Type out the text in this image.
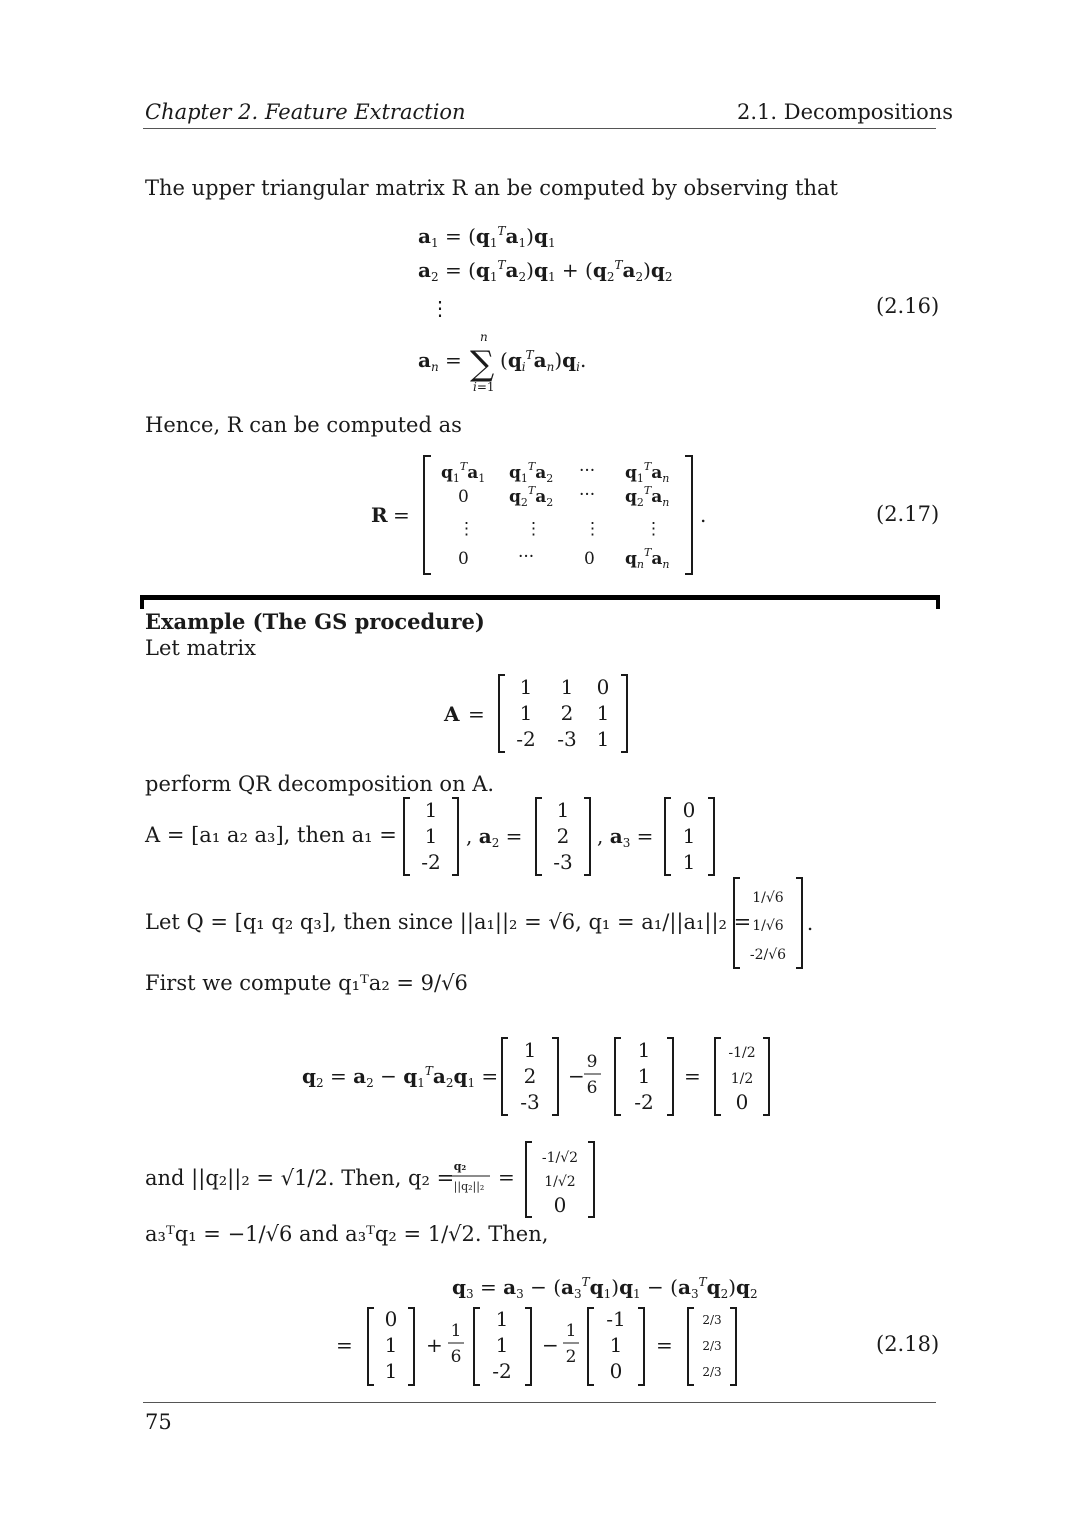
Chapter 2. Feature Extraction	2.1. Decompositions
The upper triangular matrix R an be computed by observing that
$a_1 = (q_1^Ta_1)q_1$
$a_2 = (q_1^Ta_2)q_1 + (q_2^Ta_2)q_2$
⋮
$a_n$ = ∑
n
i=1
$(q_i^Ta_n)q_i$.
(2.16)
Hence, R can be computed as
R =	.
$q_1^Ta_1$ $q_1^Ta_2$ ··· $q_1^Ta_n$
0 $q_2^Ta_2$ ··· $q_2^Ta_n$
⋮	⋮ ⋮	⋮
0	···	0 $q_n^Ta_n$
(2.17)
Example (The GS procedure)
Let matrix
A =
1 1 0
1 2 1
-2 -3 1
perform QR decomposition on A.
A = [a₁ a₂ a₃], then a₁ =
1
1
-2
, $a_2$ =
1
2
-3
, $a_3$ =
0
1
1
Let Q = [q₁ q₂ q₃], then since ||a₁||₂ = √6, q₁ = a₁/||a₁||₂ =
1/√6
1/√6
-2/√6
.
First we compute q₁ᵀa₂ = 9/√6
$q_2 = a_2 - q_1^Ta_2q_1$ =
1
2
-3
−
9
6
1
1
-2
=
-1/2
1/2
0
and ||q₂||₂ = √1/2. Then, q₂ = q₂
||q₂||₂ =
-1/√2
1/√2
0
a₃ᵀq₁ = −1/√6 and a₃ᵀq₂ = 1/√2. Then,
$q_3 = a_3 - (a_3^Tq_1)q_1 - (a_3^Tq_2)q_2$
=
0
1
1
+
1
6
1
1
-2
−
1
2
-1
1
0
=
2/3
2/3
2/3
(2.18)
75
